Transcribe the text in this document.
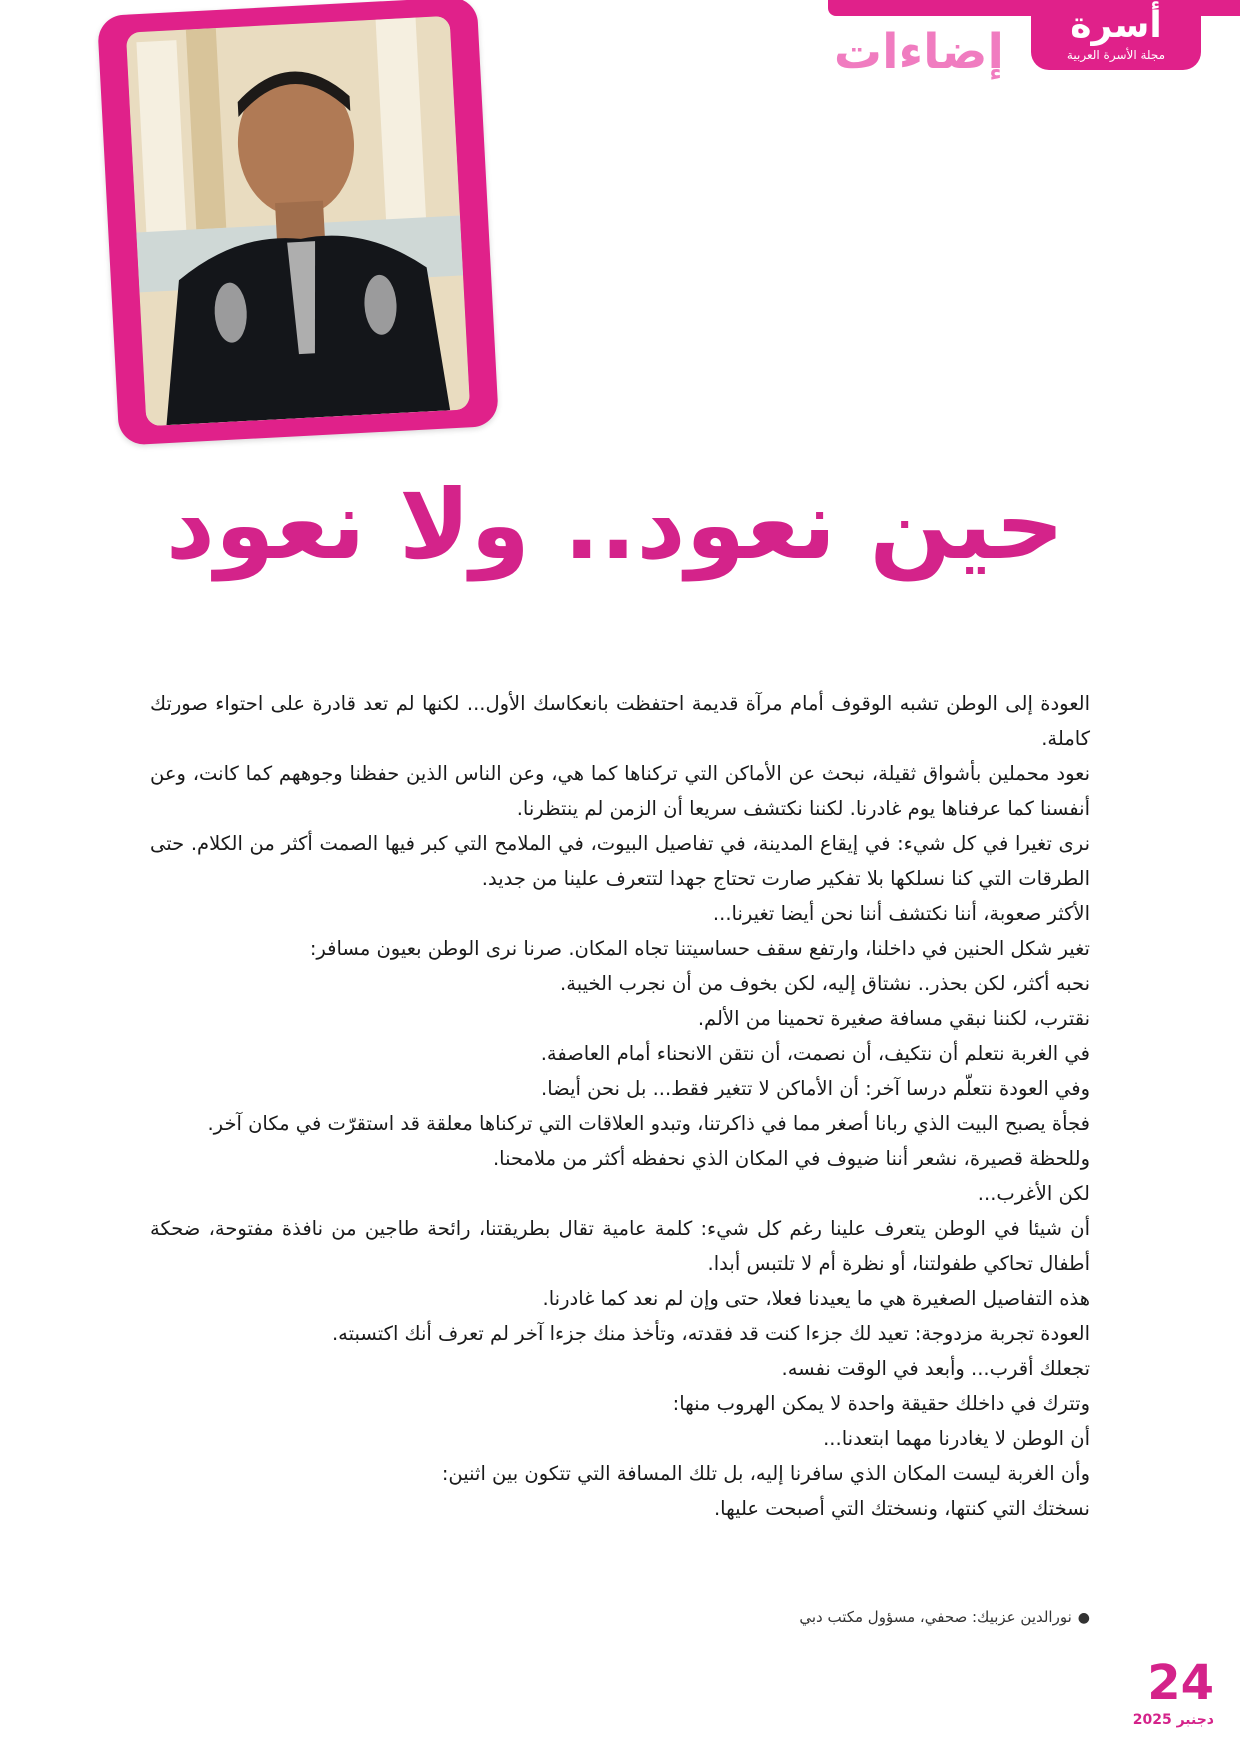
أسرة
مجلة الأسرة العربية
إضاءات
حين نعود.. ولا نعود

العودة إلى الوطن تشبه الوقوف أمام مرآة قديمة احتفظت بانعكاسك الأول... لكنها لم تعد قادرة على احتواء صورتك كاملة.

نعود محملين بأشواق ثقيلة، نبحث عن الأماكن التي تركناها كما هي، وعن الناس الذين حفظنا وجوههم كما كانت، وعن أنفسنا كما عرفناها يوم غادرنا. لكننا نكتشف سريعا أن الزمن لم ينتظرنا.

نرى تغيرا في كل شيء: في إيقاع المدينة، في تفاصيل البيوت، في الملامح التي كبر فيها الصمت أكثر من الكلام. حتى الطرقات التي كنا نسلكها بلا تفكير صارت تحتاج جهدا لتتعرف علينا من جديد.

الأكثر صعوبة، أننا نكتشف أننا نحن أيضا تغيرنا...

تغير شكل الحنين في داخلنا، وارتفع سقف حساسيتنا تجاه المكان. صرنا نرى الوطن بعيون مسافر:

نحبه أكثر، لكن بحذر.. نشتاق إليه، لكن بخوف من أن نجرب الخيبة.

نقترب، لكننا نبقي مسافة صغيرة تحمينا من الألم.

في الغربة نتعلم أن نتكيف، أن نصمت، أن نتقن الانحناء أمام العاصفة.

وفي العودة نتعلّم درسا آخر: أن الأماكن لا تتغير فقط... بل نحن أيضا.

فجأة يصبح البيت الذي ربانا أصغر مما في ذاكرتنا، وتبدو العلاقات التي تركناها معلقة قد استقرّت في مكان آخر.

وللحظة قصيرة، نشعر أننا ضيوف في المكان الذي نحفظه أكثر من ملامحنا.

لكن الأغرب...

أن شيئا في الوطن يتعرف علينا رغم كل شيء: كلمة عامية تقال بطريقتنا، رائحة طاجين من نافذة مفتوحة، ضحكة أطفال تحاكي طفولتنا، أو نظرة أم لا تلتبس أبدا.

هذه التفاصيل الصغيرة هي ما يعيدنا فعلا، حتى وإن لم نعد كما غادرنا.

العودة تجربة مزدوجة: تعيد لك جزءا كنت قد فقدته، وتأخذ منك جزءا آخر لم تعرف أنك اكتسبته.

تجعلك أقرب... وأبعد في الوقت نفسه.

وتترك في داخلك حقيقة واحدة لا يمكن الهروب منها:

أن الوطن لا يغادرنا مهما ابتعدنا...

وأن الغربة ليست المكان الذي سافرنا إليه، بل تلك المسافة التي تتكون بين اثنين:

نسختك التي كنتها، ونسختك التي أصبحت عليها.

●نورالدين عزبيك: صحفي، مسؤول مكتب دبي
24
دجنبر 2025
